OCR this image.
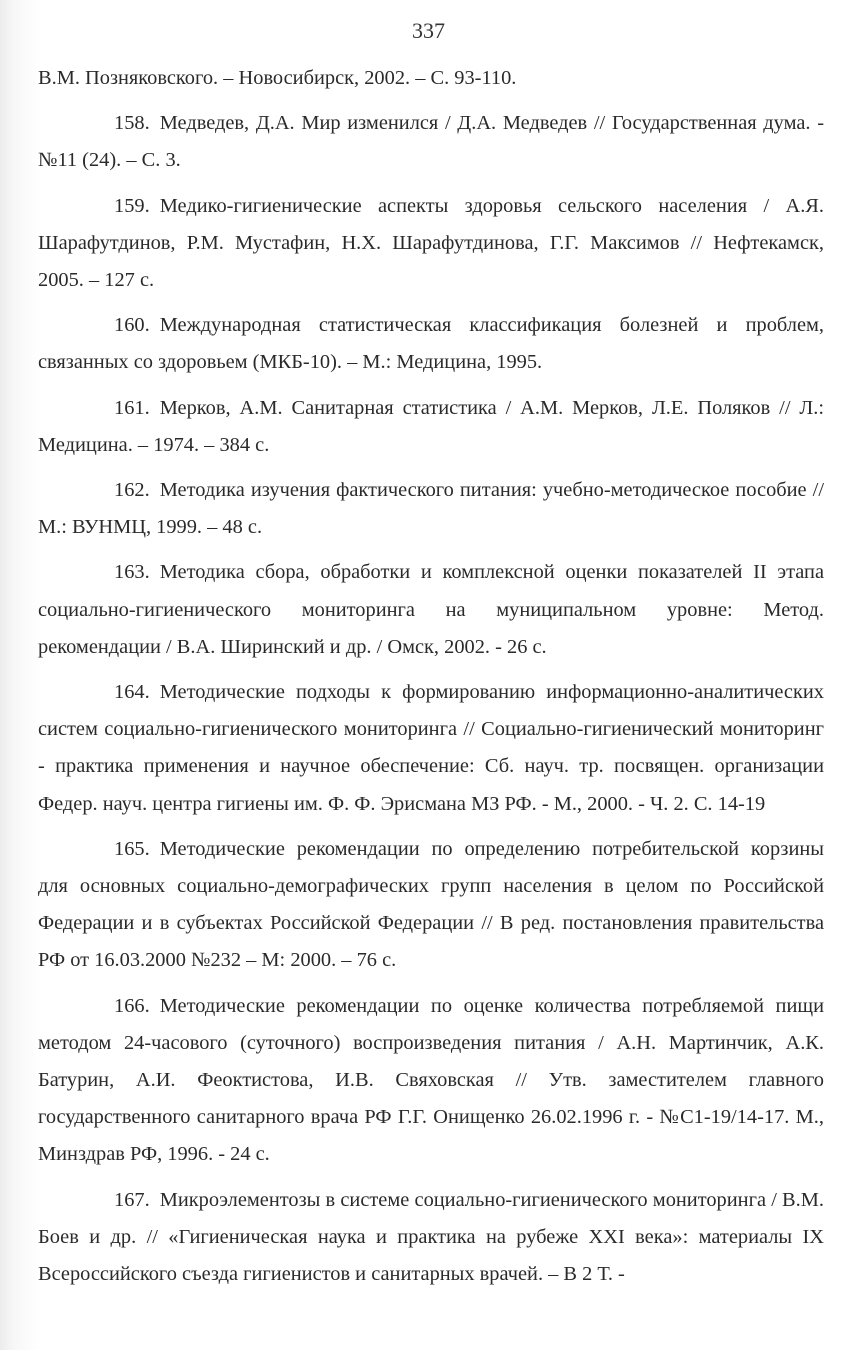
337

В.М. Позняковского. – Новосибирск, 2002. – С. 93-110.

158. Медведев, Д.А. Мир изменился / Д.А. Медведев // Государственная дума. - №11 (24). – С. 3.

159. Медико-гигиенические аспекты здоровья сельского населения / А.Я. Шарафутдинов, Р.М. Мустафин, Н.Х. Шарафутдинова, Г.Г. Максимов // Нефтекамск, 2005. – 127 с.

160. Международная статистическая классификация болезней и проблем, связанных со здоровьем (МКБ-10). – М.: Медицина, 1995.

161. Мерков, А.М. Санитарная статистика / А.М. Мерков, Л.Е. Поляков // Л.: Медицина. – 1974. – 384 с.

162. Методика изучения фактического питания: учебно-методическое пособие // М.: ВУНМЦ, 1999. – 48 с.

163. Методика сбора, обработки и комплексной оценки показателей II этапа социально-гигиенического мониторинга на муниципальном уровне: Метод. рекомендации / В.А. Ширинский и др. / Омск, 2002. - 26 с.

164. Методические подходы к формированию информационно-аналитических систем социально-гигиенического мониторинга // Социально-гигиенический мониторинг - практика применения и научное обеспечение: Сб. науч. тр. посвящен. организации Федер. науч. центра гигиены им. Ф. Ф. Эрисмана МЗ РФ. - М., 2000. - Ч. 2. С. 14-19

165. Методические рекомендации по определению потребительской корзины для основных социально-демографических групп населения в целом по Российской Федерации и в субъектах Российской Федерации // В ред. постановления правительства РФ от 16.03.2000 №232 – М: 2000. – 76 с.

166. Методические рекомендации по оценке количества потребляемой пищи методом 24-часового (суточного) воспроизведения питания / А.Н. Мартинчик, А.К. Батурин, А.И. Феоктистова, И.В. Свяховская // Утв. заместителем главного государственного санитарного врача РФ Г.Г. Онищенко 26.02.1996 г. - №С1-19/14-17. М., Минздрав РФ, 1996. - 24 с.

167. Микроэлементозы в системе социально-гигиенического мониторинга / В.М. Боев и др. // «Гигиеническая наука и практика на рубеже XXI века»: материалы IX Всероссийского съезда гигиенистов и санитарных врачей. – В 2 Т. -
